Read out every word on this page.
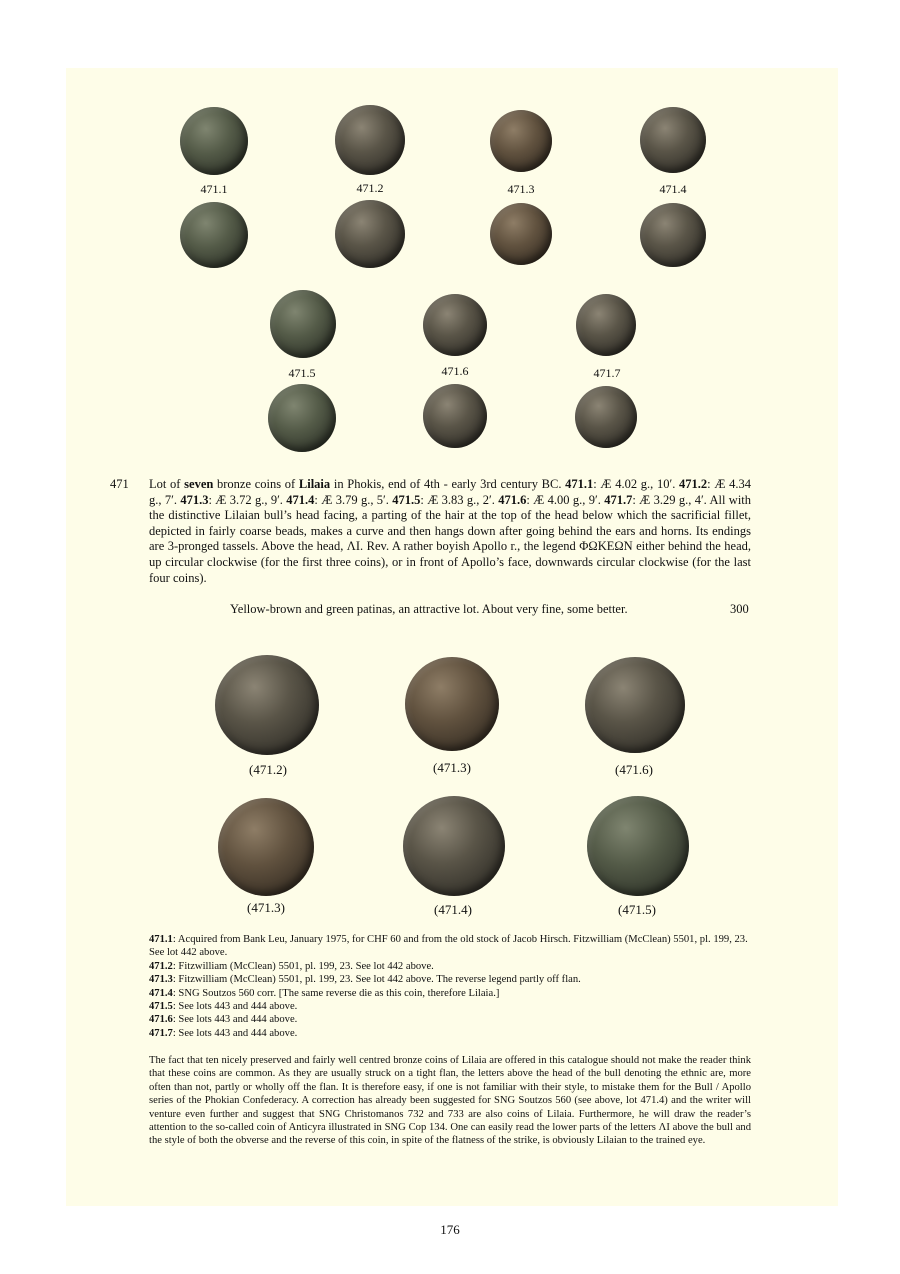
471.1	471.2	471.3	471.4
471.5	471.6	471.7
471 Lot of seven bronze coins of Lilaia in Phokis, end of 4th - early 3rd century BC. 471.1: Æ 4.02 g., 10′. 471.2: Æ 4.34 g., 7′. 471.3: Æ 3.72 g., 9′. 471.4: Æ 3.79 g., 5′. 471.5: Æ 3.83 g., 2′. 471.6: Æ 4.00 g., 9′. 471.7: Æ 3.29 g., 4′. All with the distinctive Lilaian bull’s head facing, a parting of the hair at the top of the head below which the sacrificial fillet, depicted in fairly coarse beads, makes a curve and then hangs down after going behind the ears and horns. Its endings are 3-pronged tassels. Above the head, ΛΙ. Rev. A rather boyish Apollo r., the legend ΦΩΚΕΩΝ either behind the head, up circular clockwise (for the first three coins), or in front of Apollo’s face, downwards circular clockwise (for the last four coins).
Yellow-brown and green patinas, an attractive lot. About very fine, some better.	300
(471.2)	(471.3)	(471.6)
(471.3)	(471.4)	(471.5)
471.1: Acquired from Bank Leu, January 1975, for CHF 60 and from the old stock of Jacob Hirsch. Fitzwilliam (McClean) 5501, pl. 199, 23. See lot 442 above.
471.2: Fitzwilliam (McClean) 5501, pl. 199, 23. See lot 442 above.
471.3: Fitzwilliam (McClean) 5501, pl. 199, 23. See lot 442 above. The reverse legend partly off flan.
471.4: SNG Soutzos 560 corr. [The same reverse die as this coin, therefore Lilaia.]
471.5: See lots 443 and 444 above.
471.6: See lots 443 and 444 above.
471.7: See lots 443 and 444 above.
The fact that ten nicely preserved and fairly well centred bronze coins of Lilaia are offered in this catalogue should not make the reader think that these coins are common. As they are usually struck on a tight flan, the letters above the head of the bull denoting the ethnic are, more often than not, partly or wholly off the flan. It is therefore easy, if one is not familiar with their style, to mistake them for the Bull / Apollo series of the Phokian Confederacy. A correction has already been suggested for SNG Soutzos 560 (see above, lot 471.4) and the writer will venture even further and suggest that SNG Christomanos 732 and 733 are also coins of Lilaia. Furthermore, he will draw the reader’s attention to the so-called coin of Anticyra illustrated in SNG Cop 134. One can easily read the lower parts of the letters ΛΙ above the bull and the style of both the obverse and the reverse of this coin, in spite of the flatness of the strike, is obviously Lilaian to the trained eye.
176
